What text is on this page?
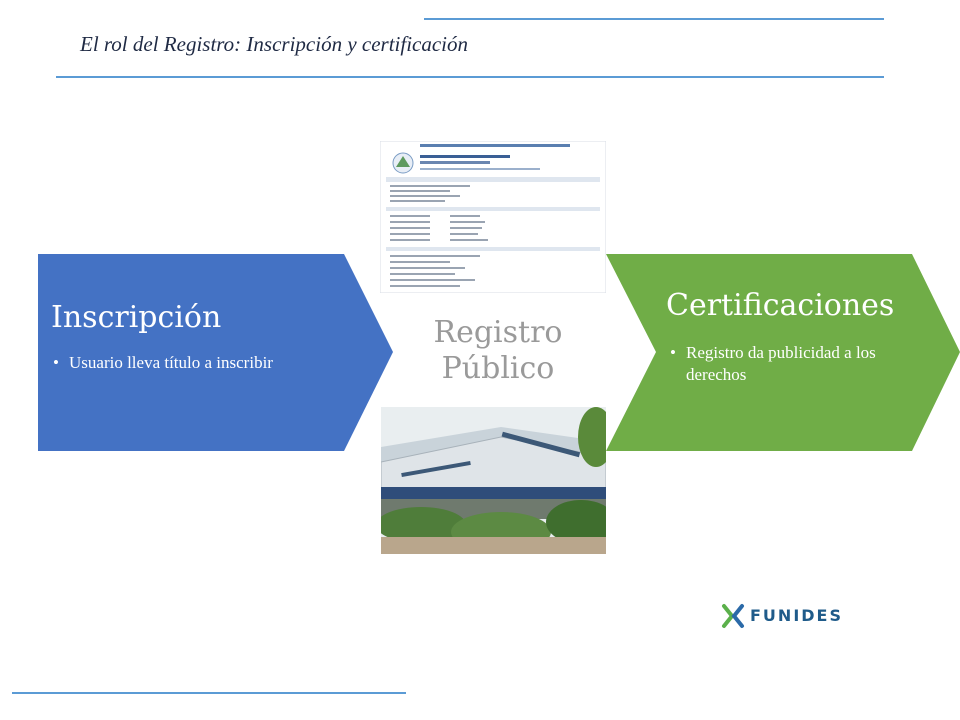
El rol del Registro: Inscripción y certificación
Inscripción
• Usuario lleva título a inscribir
Certificaciones
• Registro da publicidad a los derechos
Registro Público
FUNIDES
